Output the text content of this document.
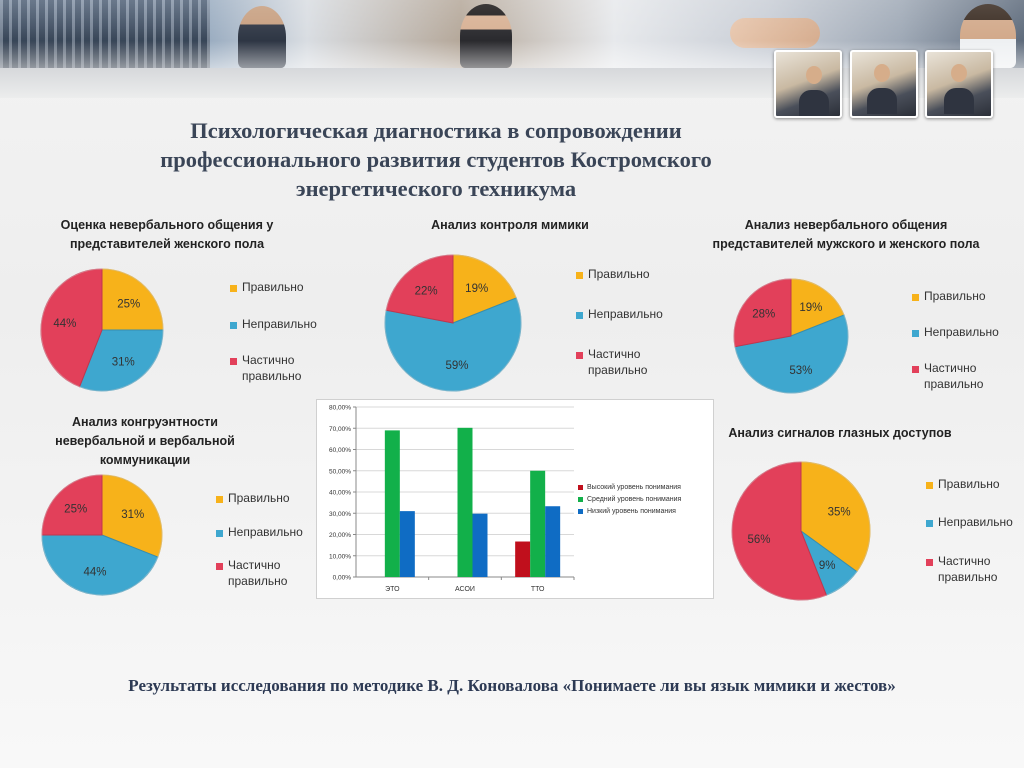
Психологическая диагностика в сопровождении профессионального развития студентов Костромского энергетического техникума
Оценка невербального общения у представителей женского пола
25%
31%
44%
Правильно
Неправильно
Частично правильно
Анализ контроля мимики
19%
59%
22%
Правильно
Неправильно
Частично правильно
Анализ невербального общения представителей мужского и женского пола
19%
53%
28%
Правильно
Неправильно
Частично правильно
Анализ конгруэнтности невербальной и вербальной коммуникации
31%
44%
25%
Правильно
Неправильно
Частично правильно	0,00%
10,00%
20,00%
30,00%
40,00%
50,00%
60,00%
70,00%
80,00%
ЭТО	АСОИ	ТТО
Высокий уровень понимания
Средний уровень понимания
Низкий уровень понимания
Анализ сигналов глазных доступов
35%
9%
56%
Правильно
Неправильно
Частично правильно
Результаты исследования по методике В. Д. Коновалова «Понимаете ли вы язык мимики и жестов»
